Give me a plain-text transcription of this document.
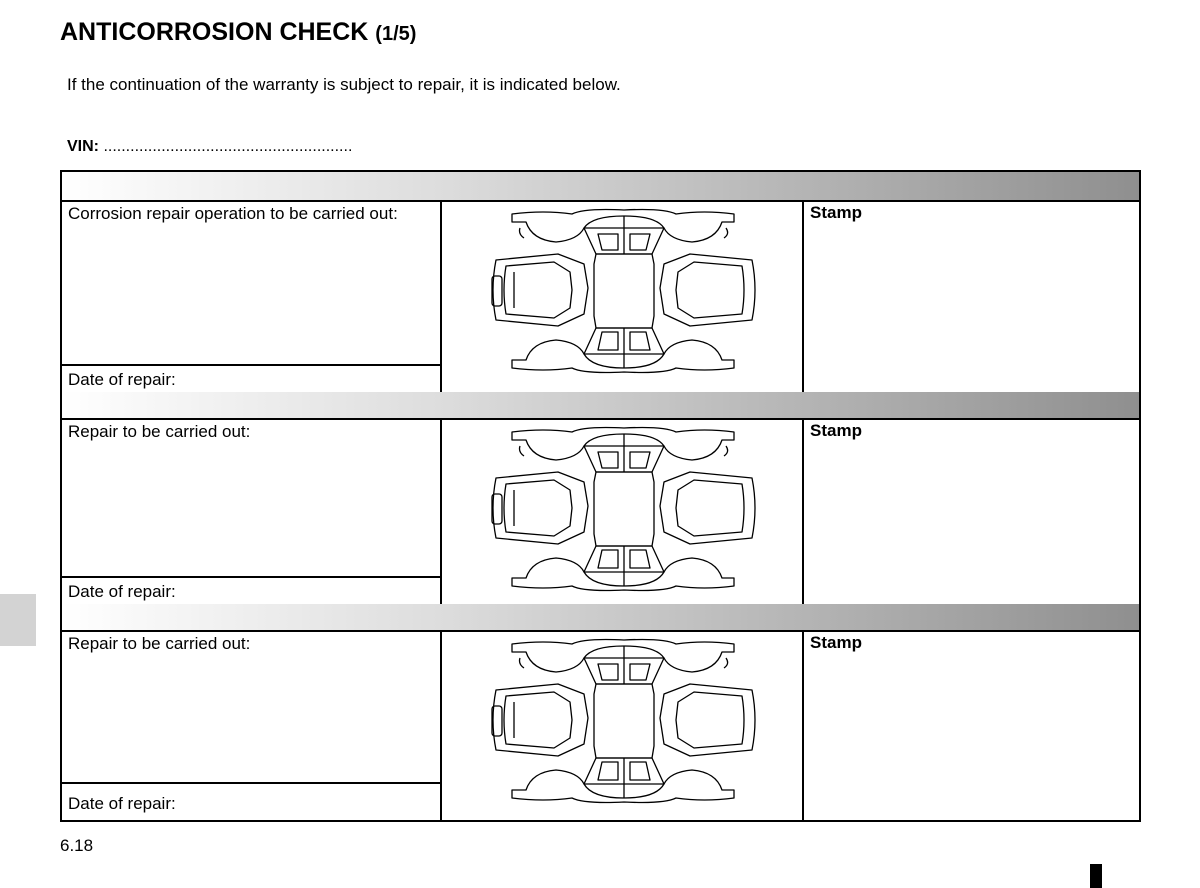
ANTICORROSION CHECK (1/5)
If the continuation of the warranty is subject to repair, it is indicated below.
VIN: ........................................................
Corrosion repair operation to be carried out:
Date of repair:
Stamp
Repair to be carried out:
Date of repair:
Stamp
Repair to be carried out:
Date of repair:
Stamp
6.18
